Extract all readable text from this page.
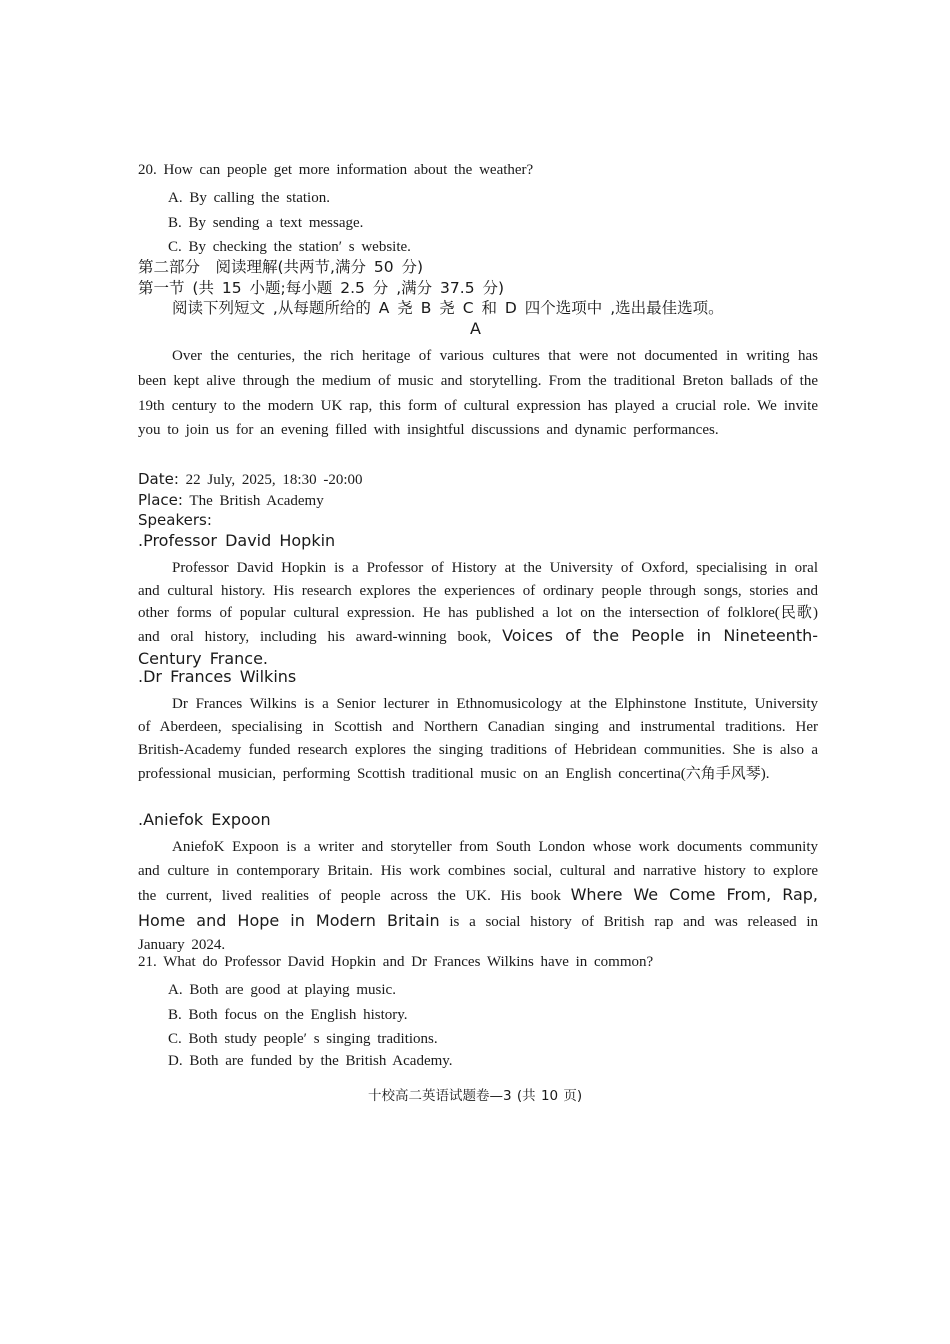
20. How can people get more information about the weather?
A. By calling the station.
B. By sending a text message.
C. By checking the station′ s website.
第二部分　阅读理解(共两节,满分 50 分)
第一节 (共 15 小题;每小题 2.5 分 ,满分 37.5 分)
阅读下列短文 ,从每题所给的 A 尧 B 尧 C 和 D 四个选项中 ,选出最佳选项。
A

Over the centuries, the rich heritage of various cultures that were not documented in writing has been kept alive through the medium of music and storytelling. From the traditional Breton ballads of the 19th century to the modern UK rap, this form of cultural expression has played a crucial role. We invite you to join us for an evening filled with insightful discussions and dynamic performances.

Date: 22 July, 2025, 18:30 -20:00
Place: The British Academy
Speakers:
.Professor David Hopkin

Professor David Hopkin is a Professor of History at the University of Oxford, specialising in oral and cultural history. His research explores the experiences of ordinary people through songs, stories and other forms of popular cultural expression. He has published a lot on the intersection of folklore(民歌) and oral history, including his award-winning book, Voices of the People in Nineteenth-Century France.

.Dr Frances Wilkins

Dr Frances Wilkins is a Senior lecturer in Ethnomusicology at the Elphinstone Institute, University of Aberdeen, specialising in Scottish and Northern Canadian singing and instrumental traditions. Her British-Academy funded research explores the singing traditions of Hebridean communities. She is also a professional musician, performing Scottish traditional music on an English concertina(六角手风琴).

.Aniefok Expoon

AniefoK Expoon is a writer and storyteller from South London whose work documents community and culture in contemporary Britain. His work combines social, cultural and narrative history to explore the current, lived realities of people across the UK. His book Where We Come From, Rap, Home and Hope in Modern Britain is a social history of British rap and was released in January 2024.

21. What do Professor David Hopkin and Dr Frances Wilkins have in common?
A. Both are good at playing music.
B. Both focus on the English history.
C. Both study people′ s singing traditions.
D. Both are funded by the British Academy.
十校高二英语试题卷—3 (共 10 页)
